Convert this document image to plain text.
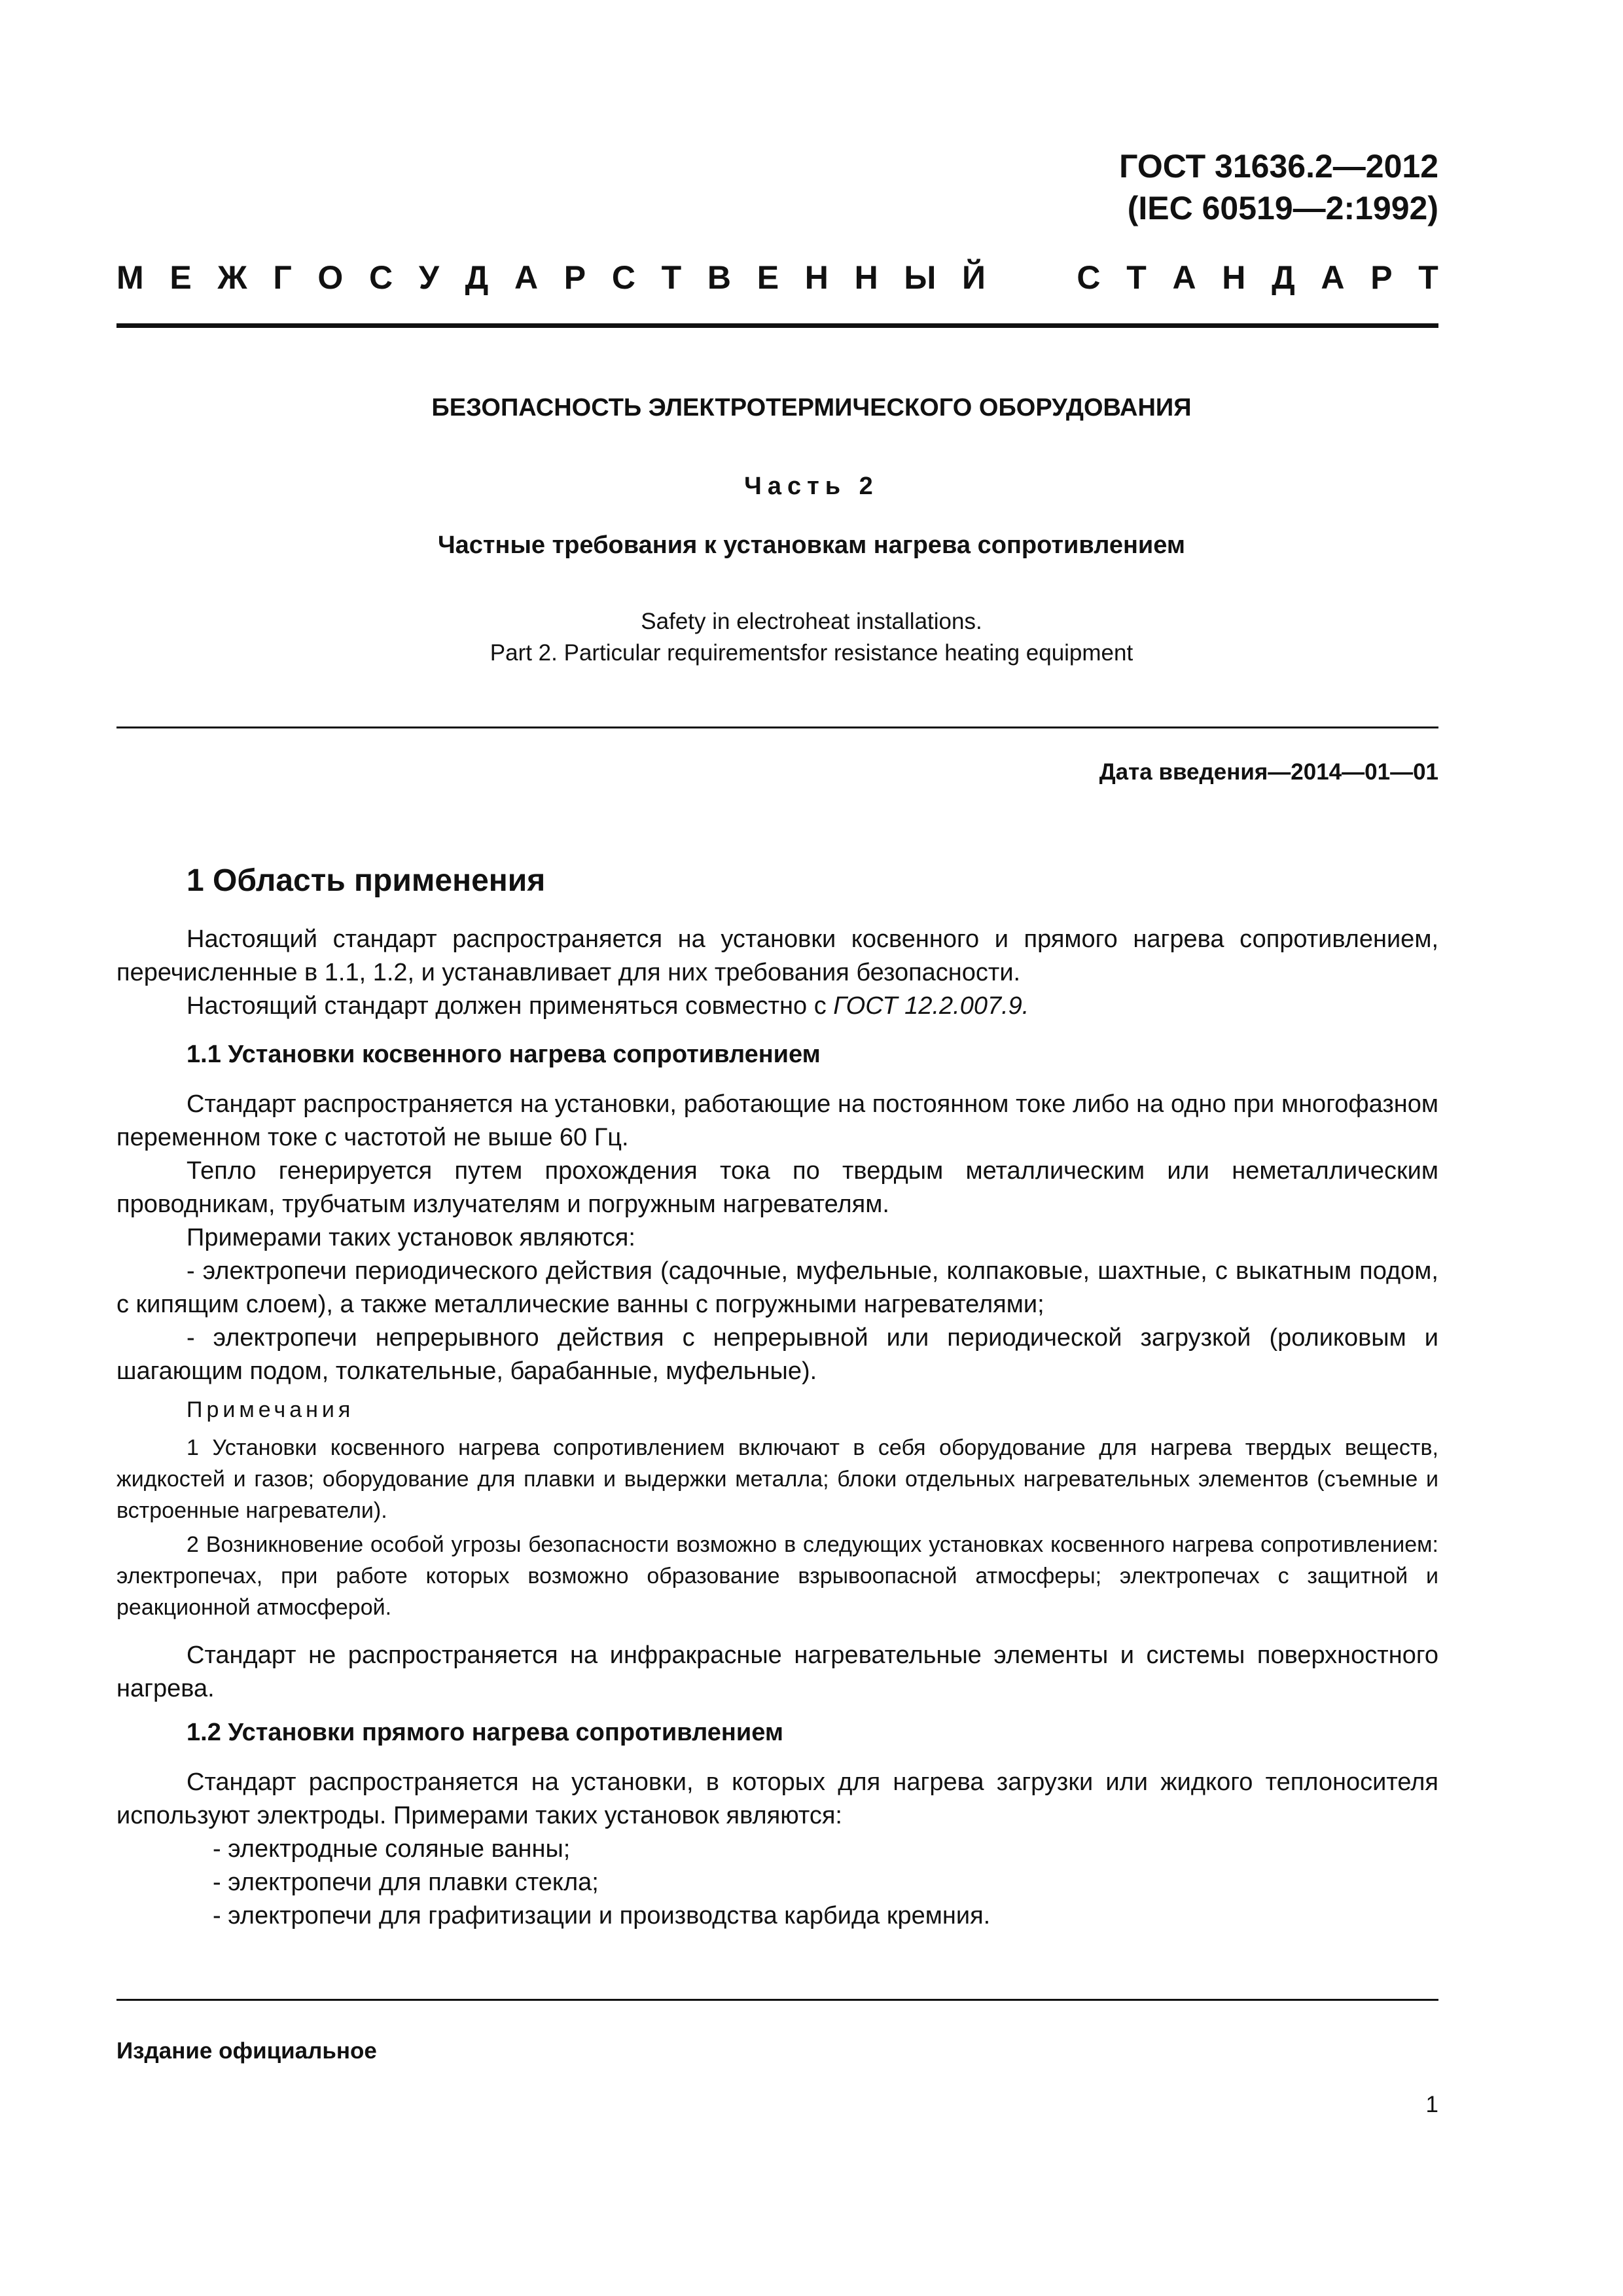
ГОСТ 31636.2—2012
(IEC 60519—2:1992)
М Е Ж Г О С У Д А Р С Т В Е Н Н Ы Й	С Т А Н Д А Р Т
БЕЗОПАСНОСТЬ ЭЛЕКТРОТЕРМИЧЕСКОГО ОБОРУДОВАНИЯ
Часть 2
Частные требования к установкам нагрева сопротивлением
Safety in electroheat installations.
Part 2. Particular requirementsfor resistance heating equipment
Дата введения—2014—01—01
1 Область применения
Настоящий стандарт распространяется на установки косвенного и прямого нагрева сопротивлением, перечисленные в 1.1, 1.2, и устанавливает для них требования безопасности.
Настоящий стандарт должен применяться совместно с ГОСТ 12.2.007.9.
1.1 Установки косвенного нагрева сопротивлением
Стандарт распространяется на установки, работающие на постоянном токе либо на одно при многофазном переменном токе с частотой не выше 60 Гц.
Тепло генерируется путем прохождения тока по твердым металлическим или неметаллическим проводникам, трубчатым излучателям и погружным нагревателям.
Примерами таких установок являются:
- электропечи периодического действия (садочные, муфельные, колпаковые, шахтные, с выкатным подом, с кипящим слоем), а также металлические ванны с погружными нагревателями;
- электропечи непрерывного действия с непрерывной или периодической загрузкой (роликовым и шагающим подом, толкательные, барабанные, муфельные).
Примечания
1 Установки косвенного нагрева сопротивлением включают в себя оборудование для нагрева твердых веществ, жидкостей и газов; оборудование для плавки и выдержки металла; блоки отдельных нагревательных элементов (съемные и встроенные нагреватели).
2 Возникновение особой угрозы безопасности возможно в следующих установках косвенного нагрева сопротивлением: электропечах, при работе которых возможно образование взрывоопасной атмосферы; электропечах с защитной и реакционной атмосферой.
Стандарт не распространяется на инфракрасные нагревательные элементы и системы поверхностного нагрева.
1.2 Установки прямого нагрева сопротивлением
Стандарт распространяется на установки, в которых для нагрева загрузки или жидкого теплоносителя используют электроды. Примерами таких установок являются:
- электродные соляные ванны;
- электропечи для плавки стекла;
- электропечи для графитизации и производства карбида кремния.
Издание официальное
1
